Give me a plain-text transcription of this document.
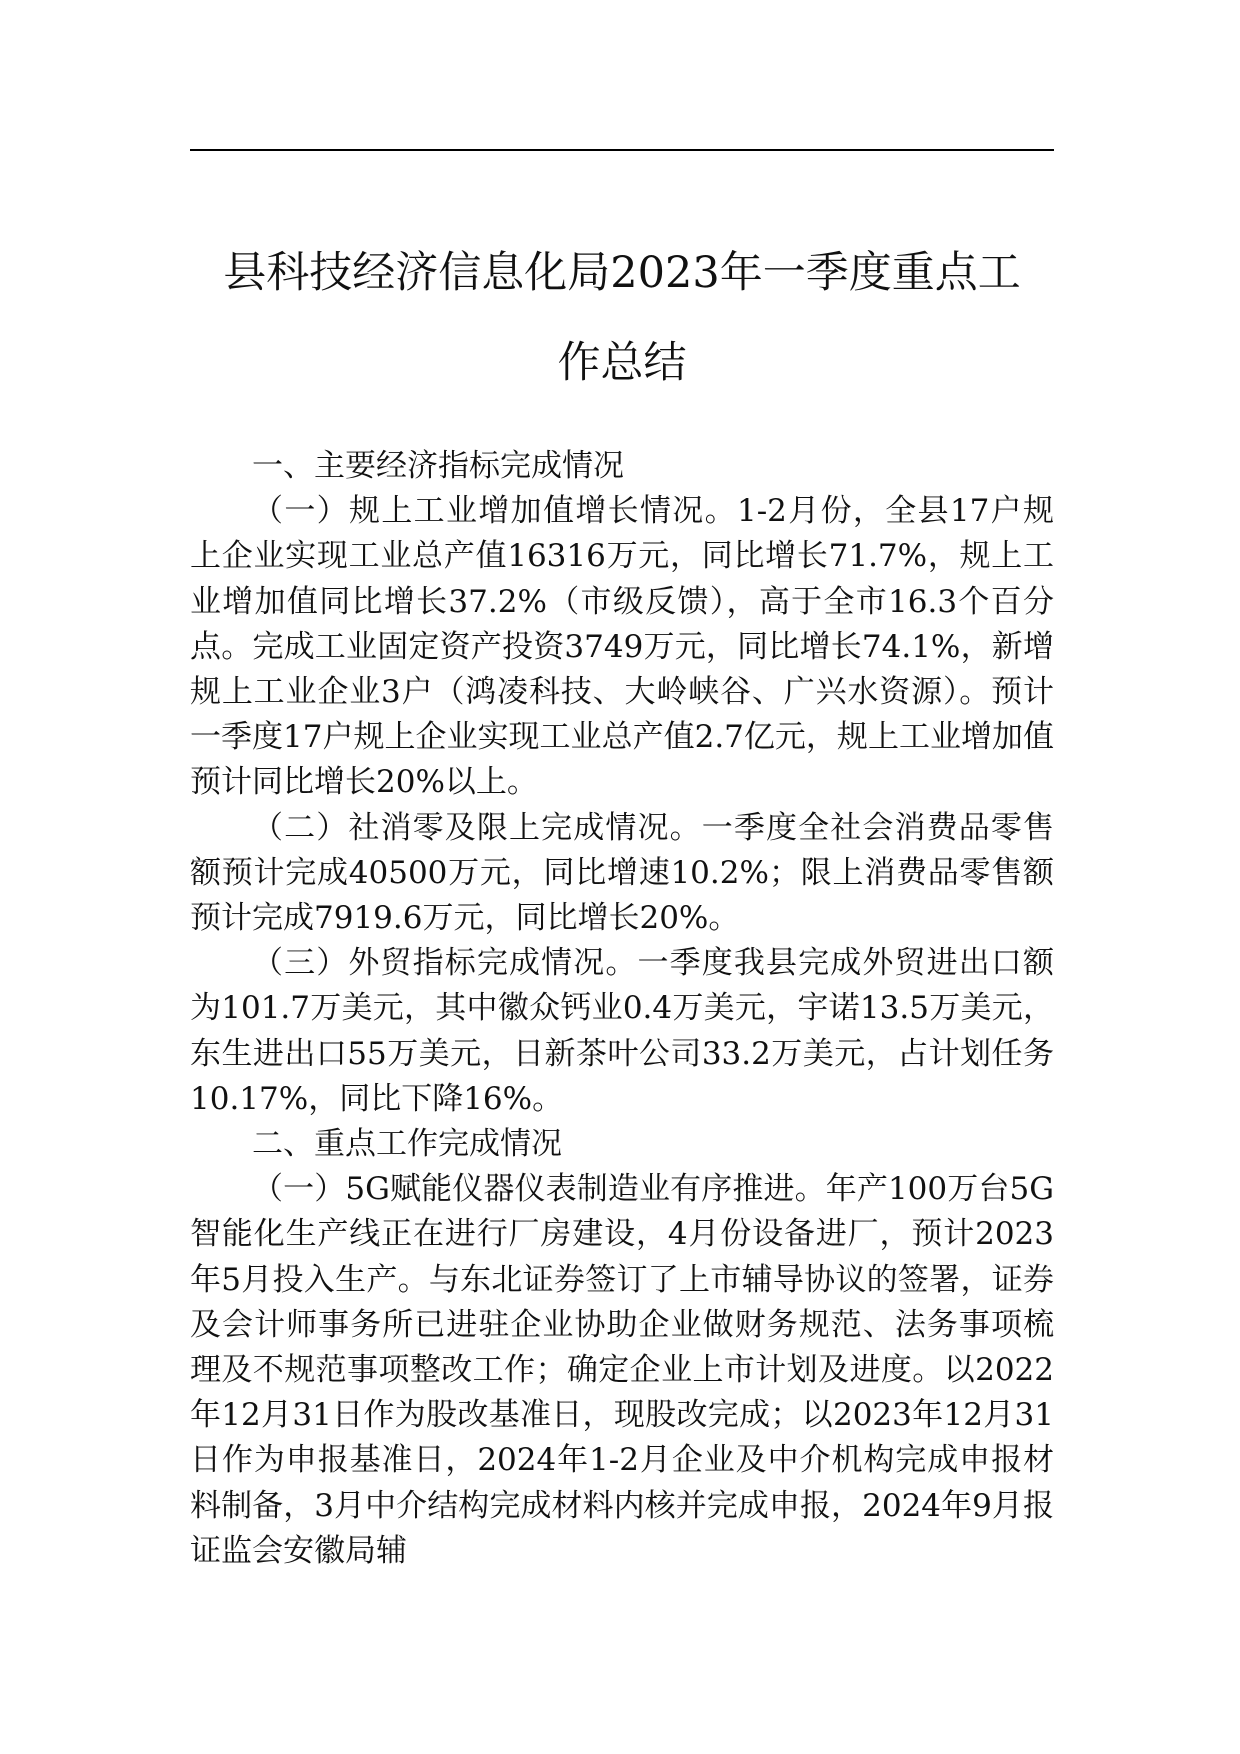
县科技经济信息化局2023年一季度重点工
作总结

一、主要经济指标完成情况

（一）规上工业增加值增长情况。1-2月份，全县17户规上企业实现工业总产值16316万元，同比增长71.7%，规上工业增加值同比增长37.2%（市级反馈），高于全市16.3个百分点。完成工业固定资产投资3749万元，同比增长74.1%，新增规上工业企业3户（鸿凌科技、大岭峡谷、广兴水资源）。预计一季度17户规上企业实现工业总产值2.7亿元，规上工业增加值预计同比增长20%以上。

（二）社消零及限上完成情况。一季度全社会消费品零售额预计完成40500万元，同比增速10.2%；限上消费品零售额预计完成7919.6万元，同比增长20%。

（三）外贸指标完成情况。一季度我县完成外贸进出口额为101.7万美元，其中徽众钙业0.4万美元，宇诺13.5万美元，东生进出口55万美元，日新茶叶公司33.2万美元，占计划任务10.17%，同比下降16%。

二、重点工作完成情况

（一）5G赋能仪器仪表制造业有序推进。年产100万台5G智能化生产线正在进行厂房建设，4月份设备进厂，预计2023年5月投入生产。与东北证券签订了上市辅导协议的签署，证券及会计师事务所已进驻企业协助企业做财务规范、法务事项梳理及不规范事项整改工作；确定企业上市计划及进度。以2022年12月31日作为股改基准日，现股改完成；以2023年12月31日作为申报基准日，2024年1-2月企业及中介机构完成申报材料制备，3月中介结构完成材料内核并完成申报，2024年9月报证监会安徽局辅
